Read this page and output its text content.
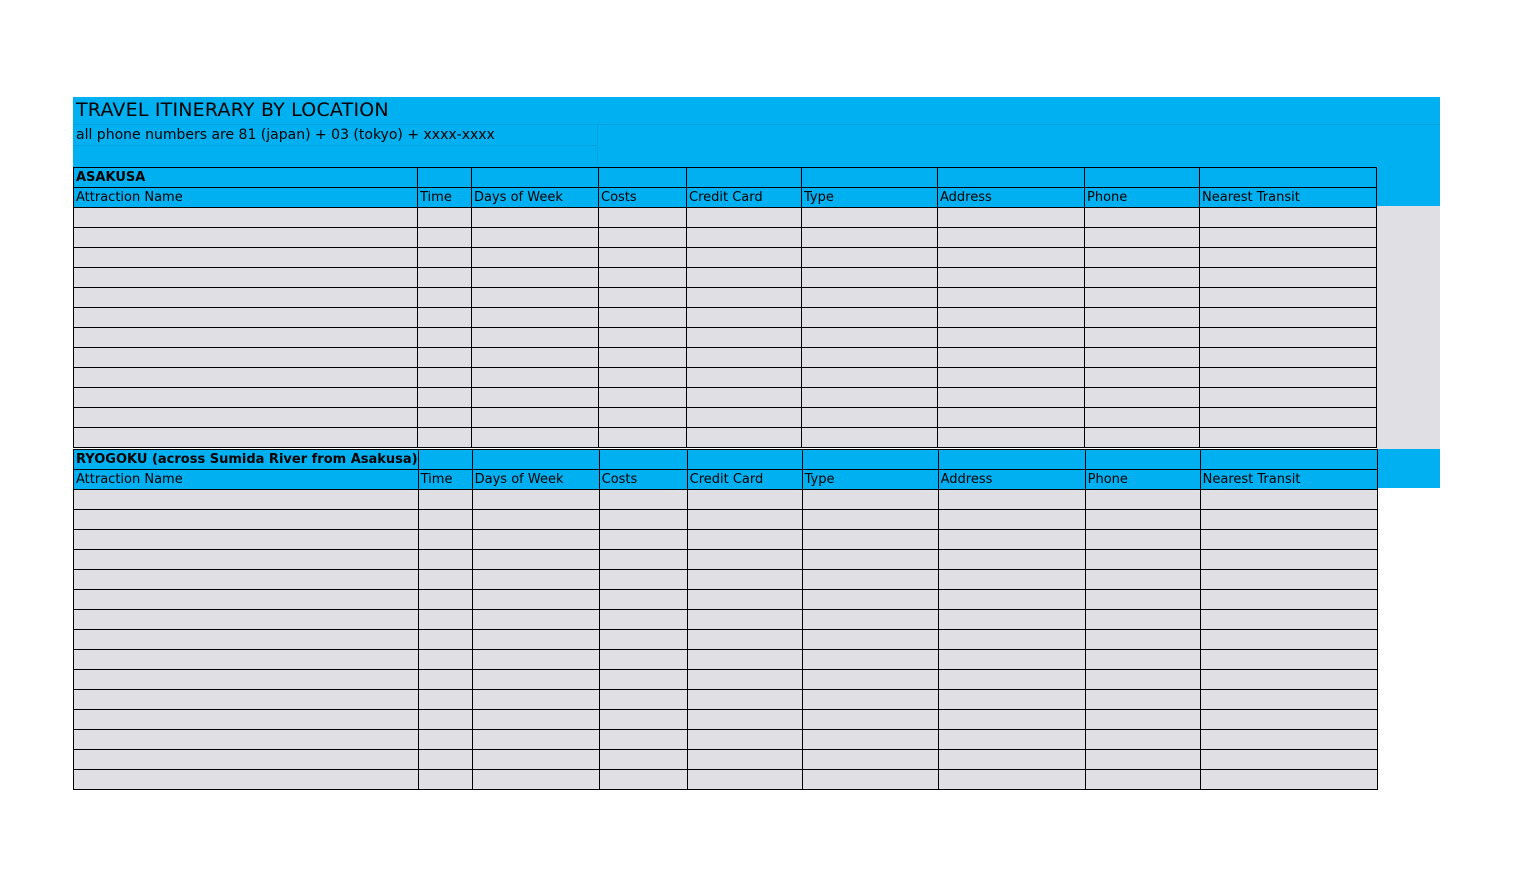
TRAVEL ITINERARY BY LOCATION
all phone numbers are 81 (japan) + 03 (tokyo) + xxxx-xxxx
ASAKUSA								
Attraction Name	Time	Days of Week	Costs	Credit Card	Type	Address	Phone	Nearest Transit

RYOGOKU (across Sumida River from Asakusa)								
Attraction Name	Time	Days of Week	Costs	Credit Card	Type	Address	Phone	Nearest Transit
